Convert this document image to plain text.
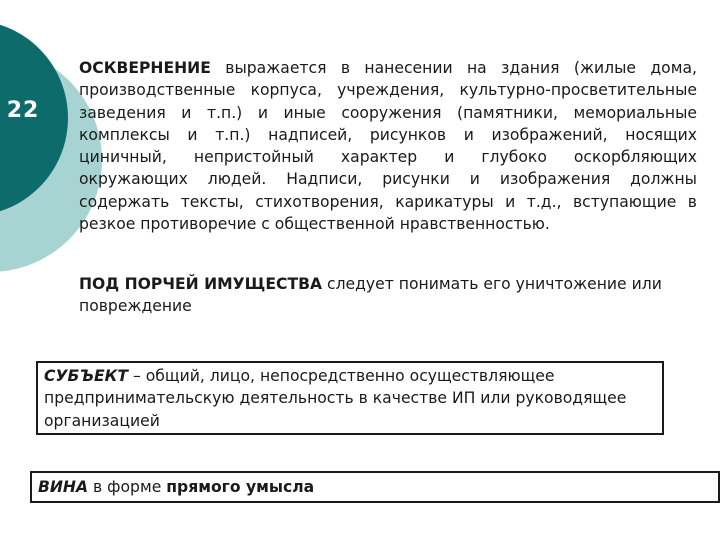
22

ОСКВЕРНЕНИЕ выражается в нанесении на здания (жилые дома, производственные корпуса, учреждения, культурно-просветительные заведения и т.п.) и иные сооружения (памятники, мемориальные комплексы и т.п.) надписей, рисунков и изображений, носящих циничный, непристойный характер и глубоко оскорбляющих окружающих людей. Надписи, рисунки и изображения должны содержать тексты, стихотворения, карикатуры и т.д., вступающие в резкое противоречие с общественной нравственностью.

ПОД ПОРЧЕЙ ИМУЩЕСТВА следует понимать его уничтожение или повреждение

СУБЪЕКТ – общий, лицо, непосредственно осуществляющее предпринимательскую деятельность в качестве ИП или руководящее организацией
ВИНА в форме прямого умысла
